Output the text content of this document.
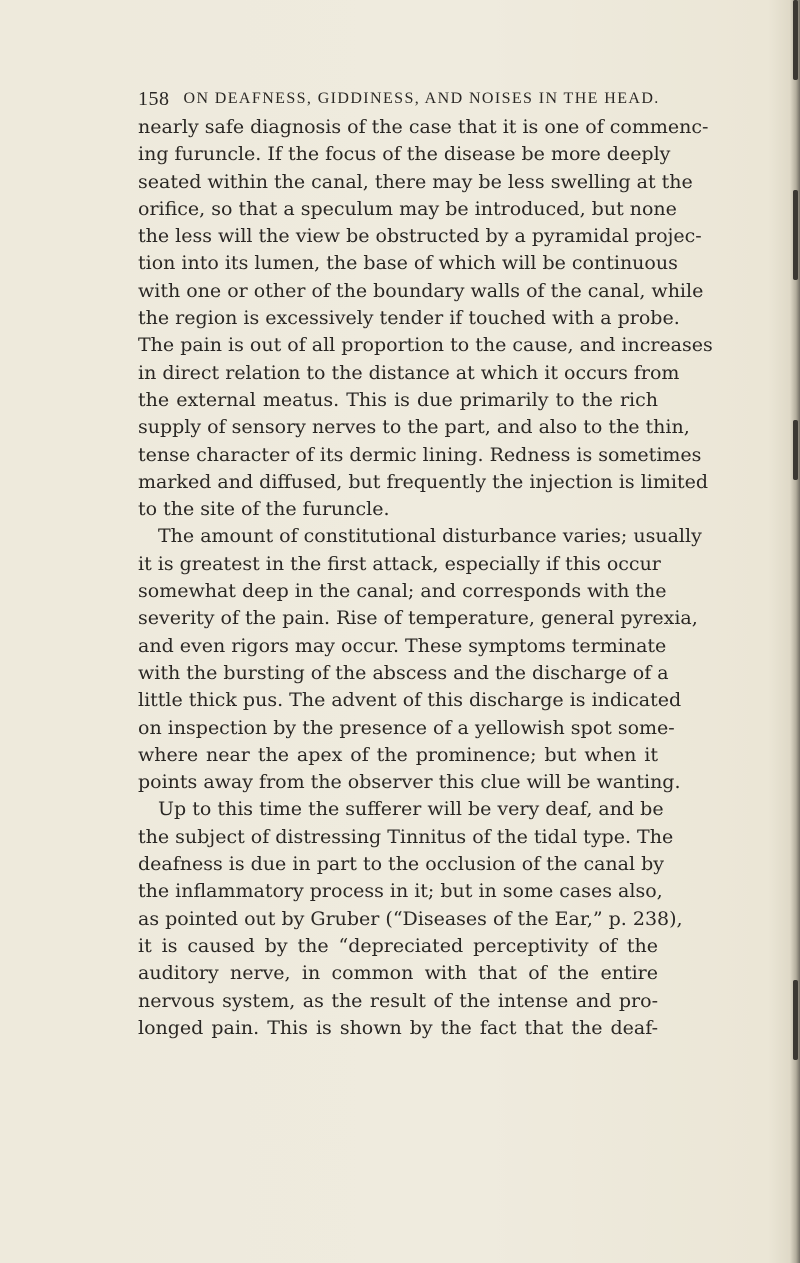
158 ON DEAFNESS, GIDDINESS, AND NOISES IN THE HEAD.
nearly safe diagnosis of the case that it is one of commenc-
ing furuncle. If the focus of the disease be more deeply
seated within the canal, there may be less swelling at the
orifice, so that a speculum may be introduced, but none
the less will the view be obstructed by a pyramidal projec-
tion into its lumen, the base of which will be continuous
with one or other of the boundary walls of the canal, while
the region is excessively tender if touched with a probe.
The pain is out of all proportion to the cause, and increases
in direct relation to the distance at which it occurs from
the external meatus. This is due primarily to the rich
supply of sensory nerves to the part, and also to the thin,
tense character of its dermic lining. Redness is sometimes
marked and diffused, but frequently the injection is limited
to the site of the furuncle.
The amount of constitutional disturbance varies; usually
it is greatest in the first attack, especially if this occur
somewhat deep in the canal; and corresponds with the
severity of the pain. Rise of temperature, general pyrexia,
and even rigors may occur. These symptoms terminate
with the bursting of the abscess and the discharge of a
little thick pus. The advent of this discharge is indicated
on inspection by the presence of a yellowish spot some-
where near the apex of the prominence; but when it
points away from the observer this clue will be wanting.
Up to this time the sufferer will be very deaf, and be
the subject of distressing Tinnitus of the tidal type. The
deafness is due in part to the occlusion of the canal by
the inflammatory process in it; but in some cases also,
as pointed out by Gruber (“Diseases of the Ear,” p. 238),
it is caused by the “depreciated perceptivity of the
auditory nerve, in common with that of the entire
nervous system, as the result of the intense and pro-
longed pain. This is shown by the fact that the deaf-
